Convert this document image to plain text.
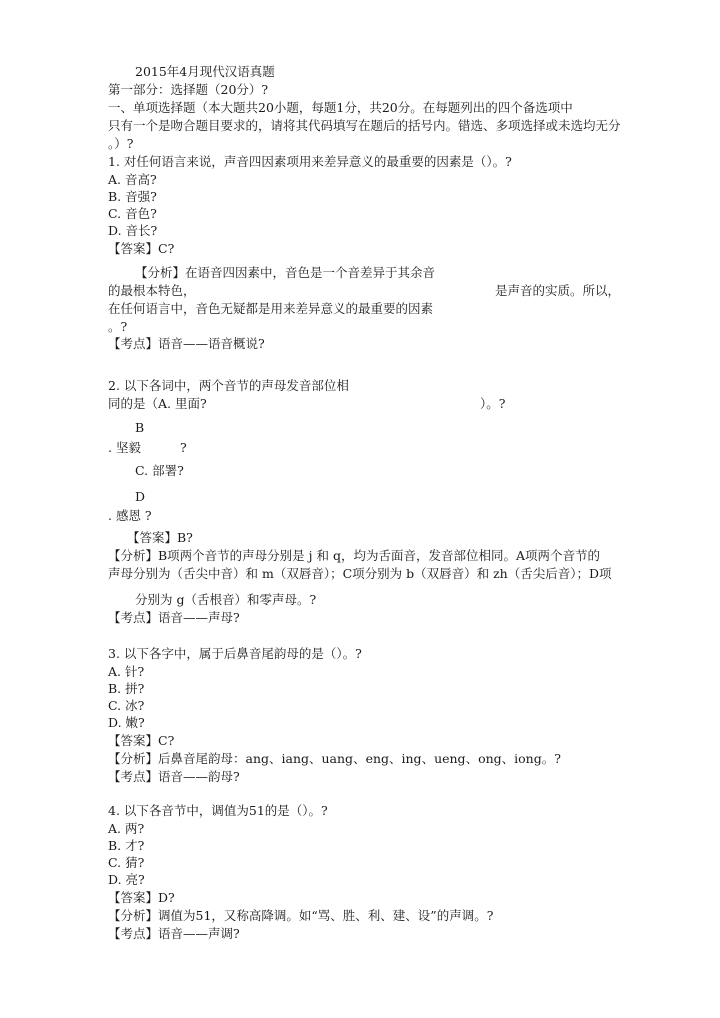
2015年4月现代汉语真题
第一部分：选择题（20分）?
一、单项选择题（本大题共20小题，每题1分，共20分。在每题列出的四个备选项中
只有一个是吻合题目要求的，请将其代码填写在题后的括号内。错选、多项选择或未选均无分
。）?
1. 对任何语言来说，声音四因素项用来差异意义的最重要的因素是（）。?
A. 音高?
B. 音强?
C. 音色?
D. 音长?
【答案】C?
【分析】在语音四因素中，音色是一个音差异于其余音
的最根本特色，	是声音的实质。所以，
在任何语言中，音色无疑都是用来差异意义的最重要的因素
。?
【考点】语音——语音概说?
2. 以下各词中，两个音节的声母发音部位相
同的是（A. 里面?	）。?
B
. 坚毅	?
C. 部署?
D
. 感恩 ?
【答案】B?
【分析】B项两个音节的声母分别是 j 和 q，均为舌面音，发音部位相同。A项两个音节的
声母分别为（舌尖中音）和 m（双唇音）；C项分别为 b（双唇音）和 zh（舌尖后音）；D项
分别为 g（舌根音）和零声母。?
【考点】语音——声母?
3. 以下各字中，属于后鼻音尾韵母的是（）。?
A. 针?
B. 拼?
C. 冰?
D. 嫩?
【答案】C?
【分析】后鼻音尾韵母：ang、iang、uang、eng、ing、ueng、ong、iong。?
【考点】语音——韵母?
4. 以下各音节中，调值为51的是（）。?
A. 两?
B. 才?
C. 猜?
D. 亮?
【答案】D?
【分析】调值为51，又称高降调。如“骂、胜、利、建、设”的声调。?
【考点】语音——声调?
